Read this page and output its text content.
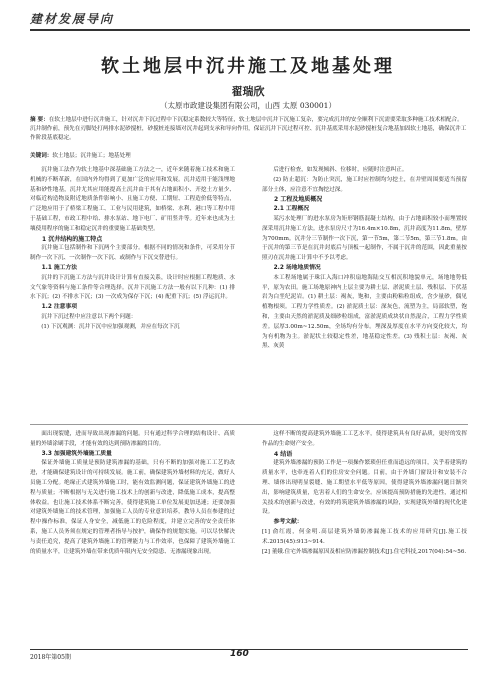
建材发展导向
软土地层中沉井施工及地基处理
翟瑞欣
（太原市政建设集团有限公司，山西 太原 030001）
摘 要：在软土地层中进行沉井施工，针对沉井下沉过程中下沉稳定系数较大等特征，软土地层中沉井下沉施工复杂，要完成沉井的安全顺利下沉需要采取多种施工技术相配合。沉井制作前，预先在刃脚处打两排水泥砂搅桩，砂搅桩连接墙对沉井起到支承和导向作用，保证沉井下沉过程可控、沉井基底采用水泥砂搅桩复合地基加固软土地基，确保沉井工作阶段基底稳定。
关键词：软土地层；沉井施工；地基处理

沉井施工法作为软土地基中深基础施工方法之一，近年来随着施工技术和施工机械的不断革新，在国内外均得到了更加广泛的应用和发展。沉井适用于能浅埋地基和砂性地基，沉井尤其应用能提高土沉井由于其有占地面积小、开挖土方量少、对临近构造物及附近地质条件影响小、且施工方便、工期短、工程造价低等特点，广泛地应用于了桥梁工程施工、工业与民用建筑，如桥梁、水利、港口等工程中用于基础工程，市政工程中给、排水泵站、地下电厂、矿用竖井等。近年来也成为土壤使用程序的施工和稳定沉井的重要施工基础类型。

1 沉井结构的施工特点

沉井施工包括制作和下沉两个主要部分。根据不同的情况和条件，可采用分节制作一次下沉、一次制作一次下沉、或制作与下沉交替进行。

1.1 施工方法

沉井的下沉施工方法与沉井设计计算有直接关系，设计时应根据工程地质、水文气象等资料与施工条件等合理选择。沉井下沉施工方法一般有以下几种：(1) 排水下沉；(2) 不排水下沉；(3) 一次成为保存下沉；(4) 配重下沉；(5) 浮运沉井。

1.2 注意事项

沉井下沉过程中应注意以下两个问题：

(1) 下沉观测：沉井下沉中应加强观测，并应在每次下沉

后进行检查，如发现倾斜、位移时，应随时注意纠正。

(2) 防止超沉：为防止突沉，施工时应控制均匀挖土，在井壁周围要适当预留部分土体，应注意不宜掏挖过深。

2 工程及地质概况

2.1 工程概况

某污水处理厂的进水泵房为矩形钢筋混凝土结构，由于占地面积较小而埋置较深采用沉井施工方法。进水泵房尺寸为16.4m×10.8m，沉井高度为11.8m，壁厚为700mm。沉井分三节制作一次下沉，第一节5m，第二节5m，第三节1.8m。由于沉井的第三节是在沉井封底后与顶板一起制作，不属于沉井的范围，因此重量按照刃在沉井施工计算中不予以考虑。

2.2 场地地质情况

本工程场地属于珠江入海口冲积扇地海陆交互相沉积地貌单元，场地地势低平，原为农田。施工场地原神内上层主要为耕土层、淤泥质土层、残积层、下伏基岩为白垩纪泥岩。(1) 耕土层：褐灰，饱和，主要由粉粘粒组成，含少量砂，偶见植物根须。工程力学性质差。(2) 淤泥质土层：深灰色，流塑为主，局部软塑，饱和，主要由天然的淤泥质及细砂粒组成，富淤泥质成块状自然混合，工程力学性质差。层厚3.00m~12.50m，全场均有分布。埋深及厚度在水平方向变化较大，均为有机物为主。淤泥状土较稳定性差，地基稳定性差。(3) 残积土层：灰褐、灰黑、灰黄

面出现裂缝，进而导致出现渗漏的问题。只有通过科学合理的结构设计、高质量的外墙涂刷手段，才能有效的达到预防渗漏的目的。

3.3 加强建筑外墙施工质量

保证外墙施工质量是预防建筑渗漏的基础，只有不断的加强对施工工艺的改进，才能确保建筑设计的可持续发展。施工前，确保建筑外墙材料的充足，做好人员施工分配。绝缘正式建筑外墙施工时，能有效监测问题，保证建筑外墙施工的进程与质量；不断根据与无关进行施工技术上的创新与改进，降低施工成本，提高整体收益。也让施工技术体系不断完善，使得建筑施工单位发展更加迅速；还要加强对建筑外墙施工的技术管理，加强施工人员的专业意识培养，教导人员在参建的过程中操作标准，保证人身安全，减低施工的危险程度，并建立完善的安全责任体系，施工人员务须在规定的管理者指导与按护，确保作的规划实施。可以尽快解决与责任追究，提高了建筑外墙施工的管理能力与工作效率，也保障了建筑外墙施工的质量水平，让建筑外墙在带来优质年限内无安全隐患、无渗漏现象出现。

这样不断的提高建筑外墙施工工艺水平，使得建筑具有良好品质，更好的发挥作品的生命财产安全。

4 结语

建筑外墙渗漏的预防工作是一项操作繁琐但任重而道远的项目，关乎着建筑的质量水平，也牵连着人们的住房安全问题。目前，由于外墙门窗设计和安装不合理、墙体出现明显裂缝、施工期望水平低等原因，使得建筑外墙渗漏问题日渐突出，影响建筑质量，危害着人们的生命安全。应该提高预防措施的先进性，通过相关技术的创新与改进，有效的将筑建筑外墙渗漏的风险，实现建筑外墙的现代化建设。

参考文献：

[1] 俞红霞，何金明.高层建筑外墙防渗漏施工技术的应用研究[J].施工技术.2015(45):913~914.

[2] 董娥.住宅外墙渗漏原因及相应防渗漏控制技术[J].住宅科技,2017(04):54~56.

2018年第05期	160
